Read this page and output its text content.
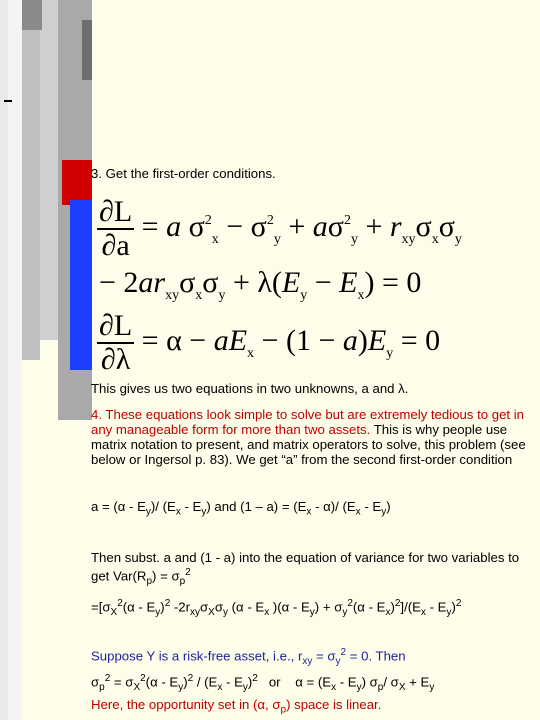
3. Get the first-order conditions.
$\frac{\partial L}{\partial a} = a$ $\sigma^2_x - \sigma^2_y + a\sigma^2_y + r_{xy}\sigma_x\sigma_y$
− $2ar_{xy}\sigma_x\sigma_y + \lambda(E_y - E_x) = 0$
$\frac{\partial L}{\partial\lambda} = \alpha - aE_x - (1 - a)E_y = 0$
This gives us two equations in two unknowns, a and λ.
4. These equations look simple to solve but are extremely tedious to get in any manageable form for more than two assets. This is why people use matrix notation to present, and matrix operators to solve, this problem (see below or Ingersol p. 83). We get “a” from the second first-order condition
$a = (\alpha - E_y)/$ $(E_x - E_y)$ and $(1 - a) = (E_x - \alpha)/$ $(E_x - E_y)$
Then subst. a and (1 - a) into the equation of variance for two variables to get $Var(R_p) = \sigma_p^2$
$=[\sigma_X^2(\alpha - E_y)^2$ $-2r_{xy}\sigma_X\sigma_y$ ($\alpha - E_x$ )$(\alpha - E_y) + \sigma_y^2(\alpha - E_x)^2]/(E_x - E_y)^2$
Suppose Y is a risk-free asset, i.e., $r_{xy} = \sigma_y^2 = 0$. Then
$\sigma_p^2 = \sigma_X^2(\alpha - E_y)^2 / (E_x - E_y)^2$   or    $\alpha = (E_x - E_y)$ $\sigma_p/$ $\sigma_X + E_y$
Here, the opportunity set in (α, $\sigma_p$) space is linear.
